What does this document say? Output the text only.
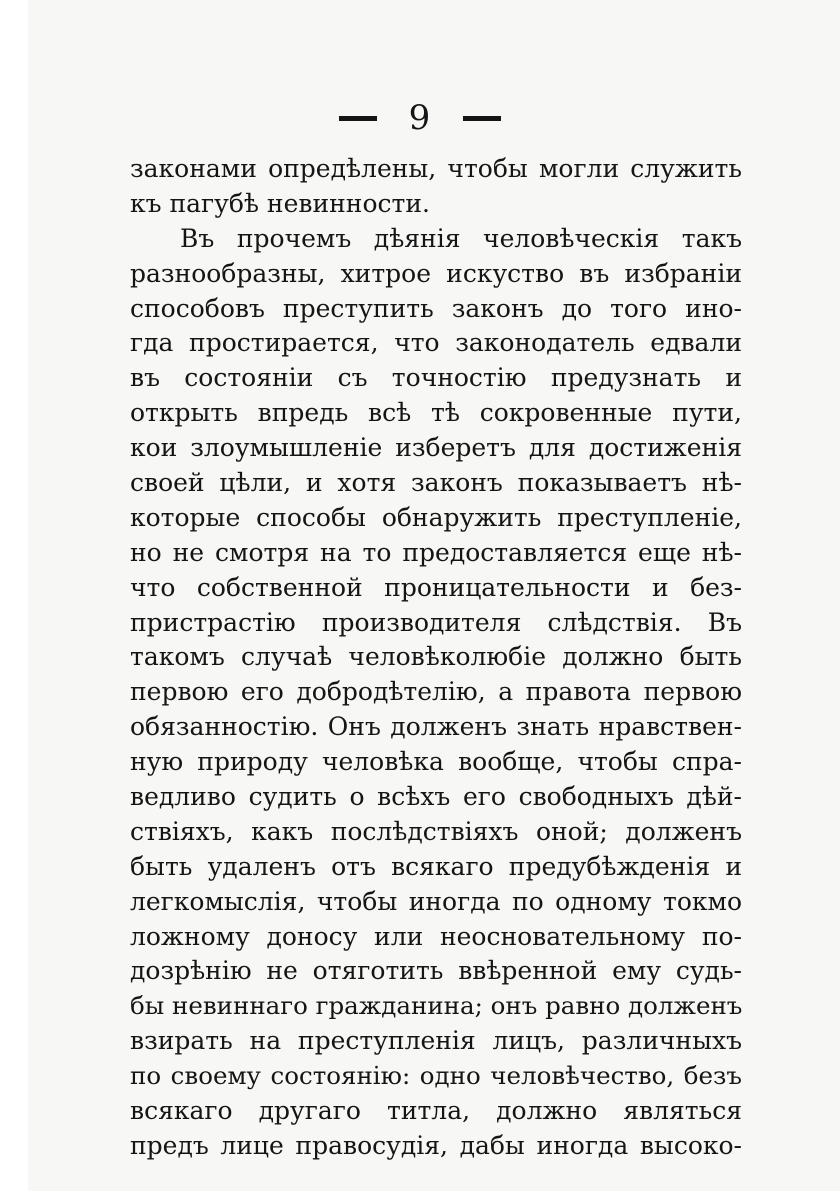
9
законами опредѣлены, чтобы могли служить
къ пагубѣ невинности.
Въ прочемъ дѣянія человѣческія такъ
разнообразны, хитрое искуство въ избраніи
способовъ преступить законъ до того ино-
гда простирается, что законодатель едвали
въ состояніи съ точностію предузнать и
открыть впредь всѣ тѣ сокровенные пути,
кои злоумышленіе изберетъ для достиженія
своей цѣли, и хотя законъ показываетъ нѣ-
которые способы обнаружить преступленіе,
но не смотря на то предоставляется еще нѣ-
что собственной проницательности и без-
пристрастію производителя слѣдствія. Въ
такомъ случаѣ человѣколюбіе должно быть
первою его добродѣтелію, а правота первою
обязанностію. Онъ долженъ знать нравствен-
ную природу человѣка вообще, чтобы спра-
ведливо судить о всѣхъ его свободныхъ дѣй-
ствіяхъ, какъ послѣдствіяхъ оной; долженъ
быть удаленъ отъ всякаго предубѣжденія и
легкомыслія, чтобы иногда по одному токмо
ложному доносу или неосновательному по-
дозрѣнію не отяготить ввѣренной ему судь-
бы невиннаго гражданина; онъ равно долженъ
взирать на преступленія лицъ, различныхъ
по своему состоянію: одно человѣчество, безъ
всякаго другаго титла, должно являться
предъ лице правосудія, дабы иногда высоко-
